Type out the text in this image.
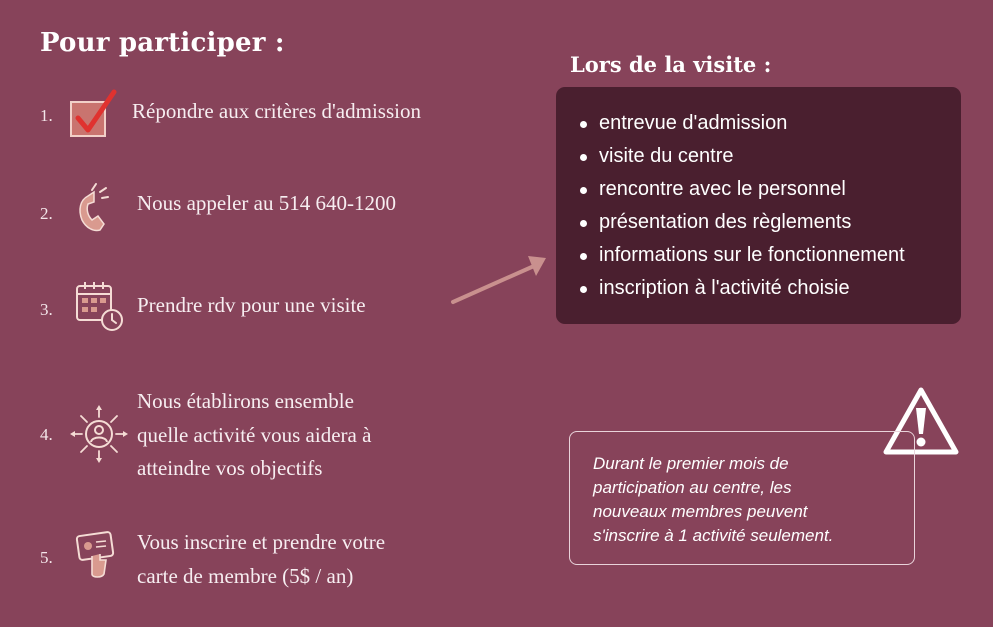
Pour participer :
1.	Répondre aux critères d'admission
2.	Nous appeler au 514 640-1200
3.	Prendre rdv pour une visite
4.
Nous établirons ensemble
quelle activité vous aidera à
atteindre vos objectifs
5.
Vous inscrire et prendre votre
carte de membre (5$ / an)
Lors de la visite :
entrevue d'admission
visite du centre
rencontre avec le personnel
présentation des règlements
informations sur le fonctionnement
inscription à l'activité choisie
Durant le premier mois de
participation au centre, les
nouveaux membres peuvent
s'inscrire à 1 activité seulement.
